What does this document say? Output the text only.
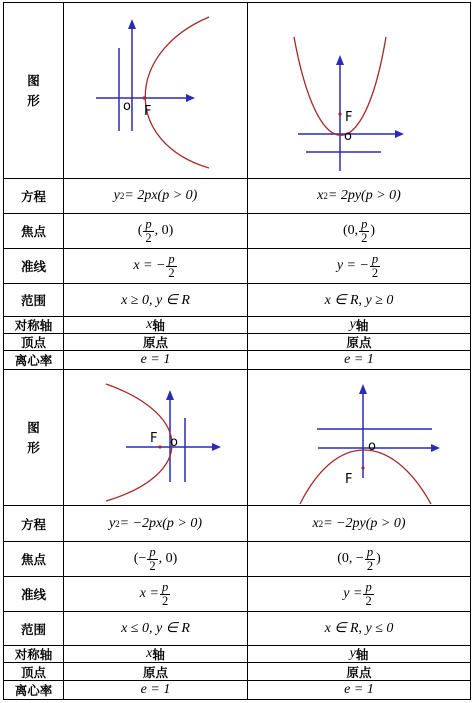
图
形	o F
o
F
方程	y 2 = 2px(p > 0)	x 2 = 2py(p > 0)
焦点	( $\frac{p}{2}$ , 0)	(0, $\frac{p}{2}$ )
准线	x = − $\frac{p}{2}$	y = − $\frac{p}{2}$
范围	x ≥ 0, y ∈ R	x ∈ R, y ≥ 0
对称轴	x 轴	y 轴
顶点	原点	原点
离心率	e = 1	e = 1
图
形
F o	o
F
方程	y 2 = −2px(p > 0)	x 2 = −2py(p > 0)
焦点	(− $\frac{p}{2}$ , 0)	(0, − $\frac{p}{2}$ )
准线	$x = \frac{p}{2}$	$y = \frac{p}{2}$
范围	x ≤ 0, y ∈ R	x ∈ R, y ≤ 0
对称轴	x 轴	y 轴
顶点	原点	原点
离心率	e = 1	e = 1
